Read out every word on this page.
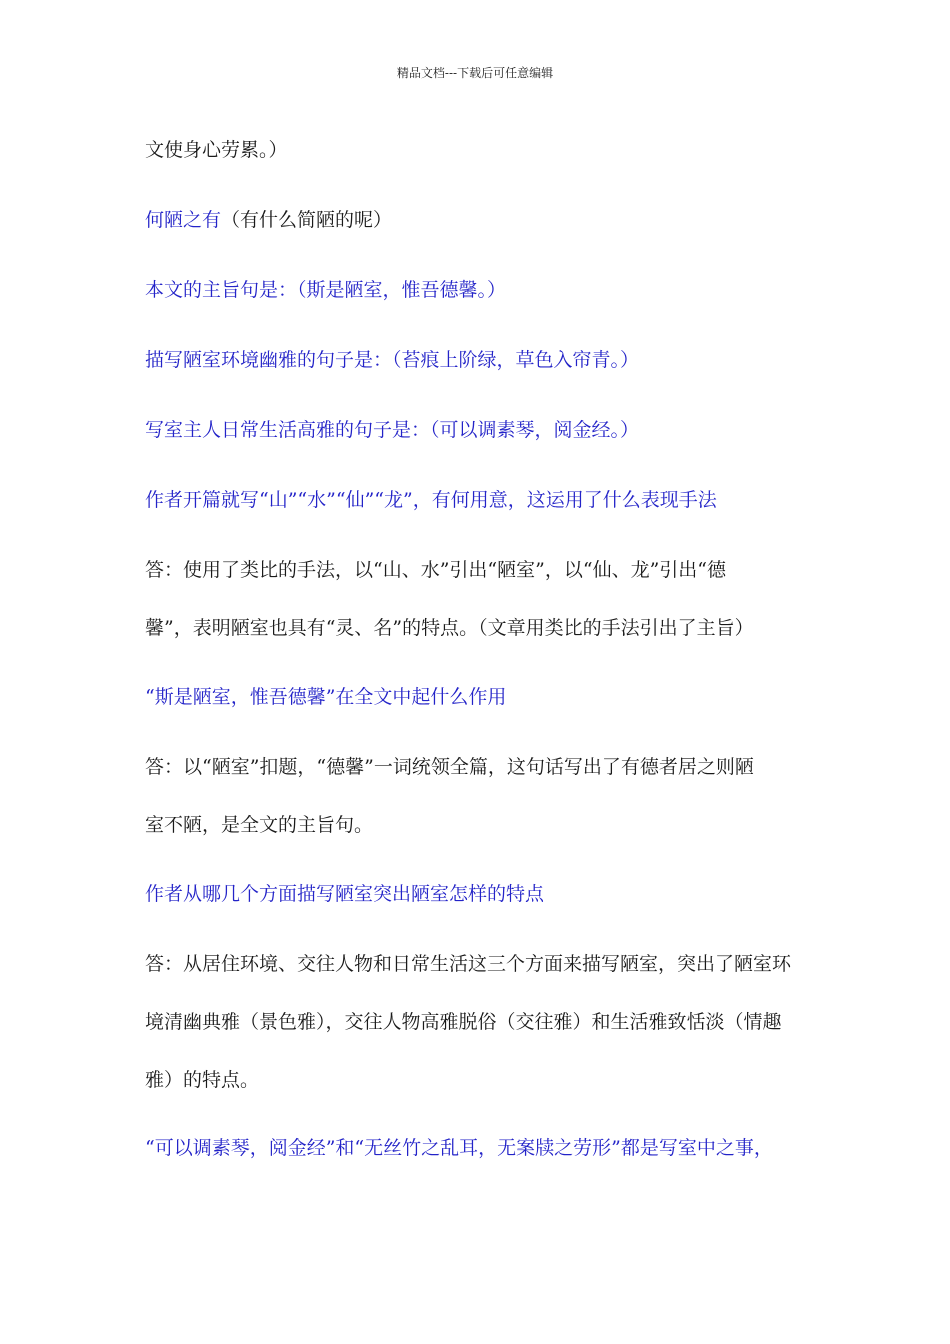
精品文档---下载后可任意编辑
文使身心劳累。）
何陋之有（有什么简陋的呢）
本文的主旨句是：（斯是陋室，惟吾德馨。）
描写陋室环境幽雅的句子是：（苔痕上阶绿，草色入帘青。）
写室主人日常生活高雅的句子是：（可以调素琴，阅金经。）
作者开篇就写“山”“水”“仙”“龙”，有何用意，这运用了什么表现手法
答：使用了类比的手法，以“山、水”引出“陋室”，以“仙、龙”引出“德
馨”，表明陋室也具有“灵、名”的特点。（文章用类比的手法引出了主旨）
“斯是陋室，惟吾德馨”在全文中起什么作用
答：以“陋室”扣题，“德馨”一词统领全篇，这句话写出了有德者居之则陋
室不陋，是全文的主旨句。
作者从哪几个方面描写陋室突出陋室怎样的特点
答：从居住环境、交往人物和日常生活这三个方面来描写陋室，突出了陋室环
境清幽典雅（景色雅），交往人物高雅脱俗（交往雅）和生活雅致恬淡（情趣
雅）的特点。
“可以调素琴，阅金经”和“无丝竹之乱耳，无案牍之劳形”都是写室中之事，
